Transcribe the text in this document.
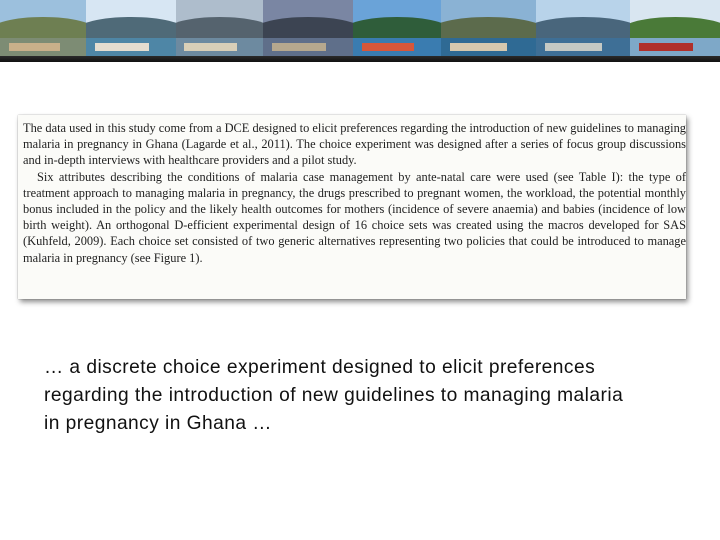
The data used in this study come from a DCE designed to elicit preferences regarding the introduction of new guidelines to managing malaria in pregnancy in Ghana (Lagarde et al., 2011). The choice experiment was designed after a series of focus group discussions and in-depth interviews with healthcare providers and a pilot study.

Six attributes describing the conditions of malaria case management by ante-natal care were used (see Table I): the type of treatment approach to managing malaria in pregnancy, the drugs prescribed to pregnant women, the workload, the potential monthly bonus included in the policy and the likely health outcomes for mothers (incidence of severe anaemia) and babies (incidence of low birth weight). An orthogonal D-efficient experimental design of 16 choice sets was created using the macros developed for SAS (Kuhfeld, 2009). Each choice set consisted of two generic alternatives representing two policies that could be introduced to manage malaria in pregnancy (see Figure 1).

… a discrete choice experiment designed to elicit preferences regarding the introduction of new guidelines to managing malaria in pregnancy in Ghana …
